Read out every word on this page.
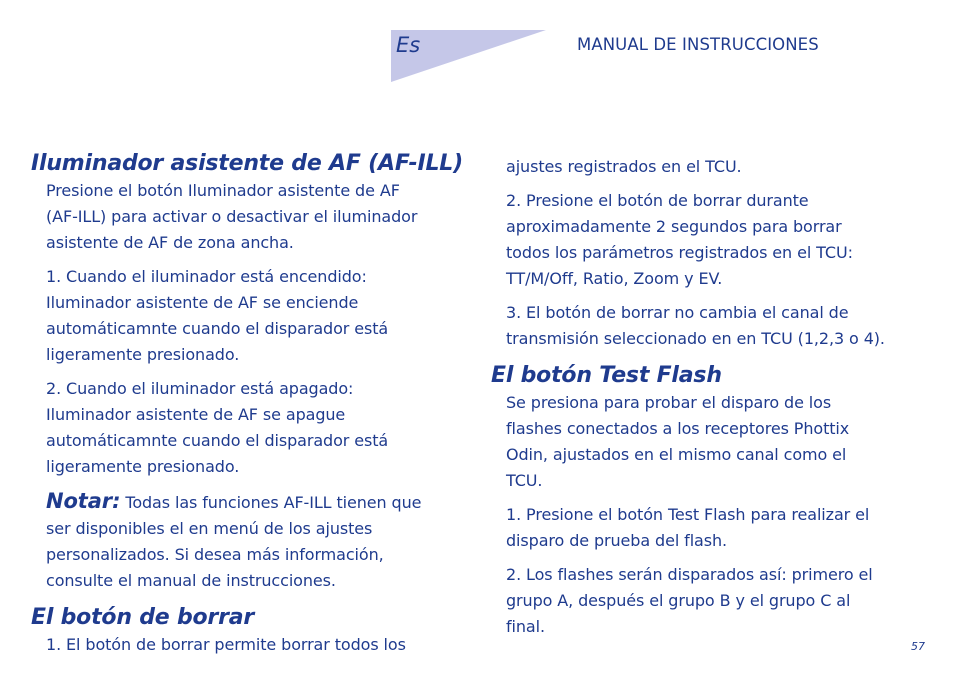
Es	MANUAL DE INSTRUCCIONES
Iluminador asistente de AF (AF-ILL)

Presione el botón Iluminador asistente de AF
(AF-ILL) para activar o desactivar el iluminador
asistente de AF de zona ancha.

1. Cuando el iluminador está encendido:
Iluminador asistente de AF se enciende
automáticamnte cuando el disparador está
ligeramente presionado.

2. Cuando el iluminador está apagado:
Iluminador asistente de AF se apague
automáticamnte cuando el disparador está
ligeramente presionado.

Notar: Todas las funciones AF-ILL tienen que
ser disponibles el en menú de los ajustes
personalizados. Si desea más información,
consulte el manual de instrucciones.

El botón de borrar

1. El botón de borrar permite borrar todos los

ajustes registrados en el TCU.

2. Presione el botón de borrar durante
aproximadamente 2 segundos para borrar
todos los parámetros registrados en el TCU:
TT/M/Off, Ratio, Zoom y EV.

3. El botón de borrar no cambia el canal de
transmisión seleccionado en en TCU (1,2,3 o 4).

El botón Test Flash

Se presiona para probar el disparo de los
flashes conectados a los receptores Phottix
Odin, ajustados en el mismo canal como el
TCU.

1. Presione el botón Test Flash para realizar el
disparo de prueba del flash.

2. Los flashes serán disparados así: primero el
grupo A, después el grupo B y el grupo C al
final.

57
